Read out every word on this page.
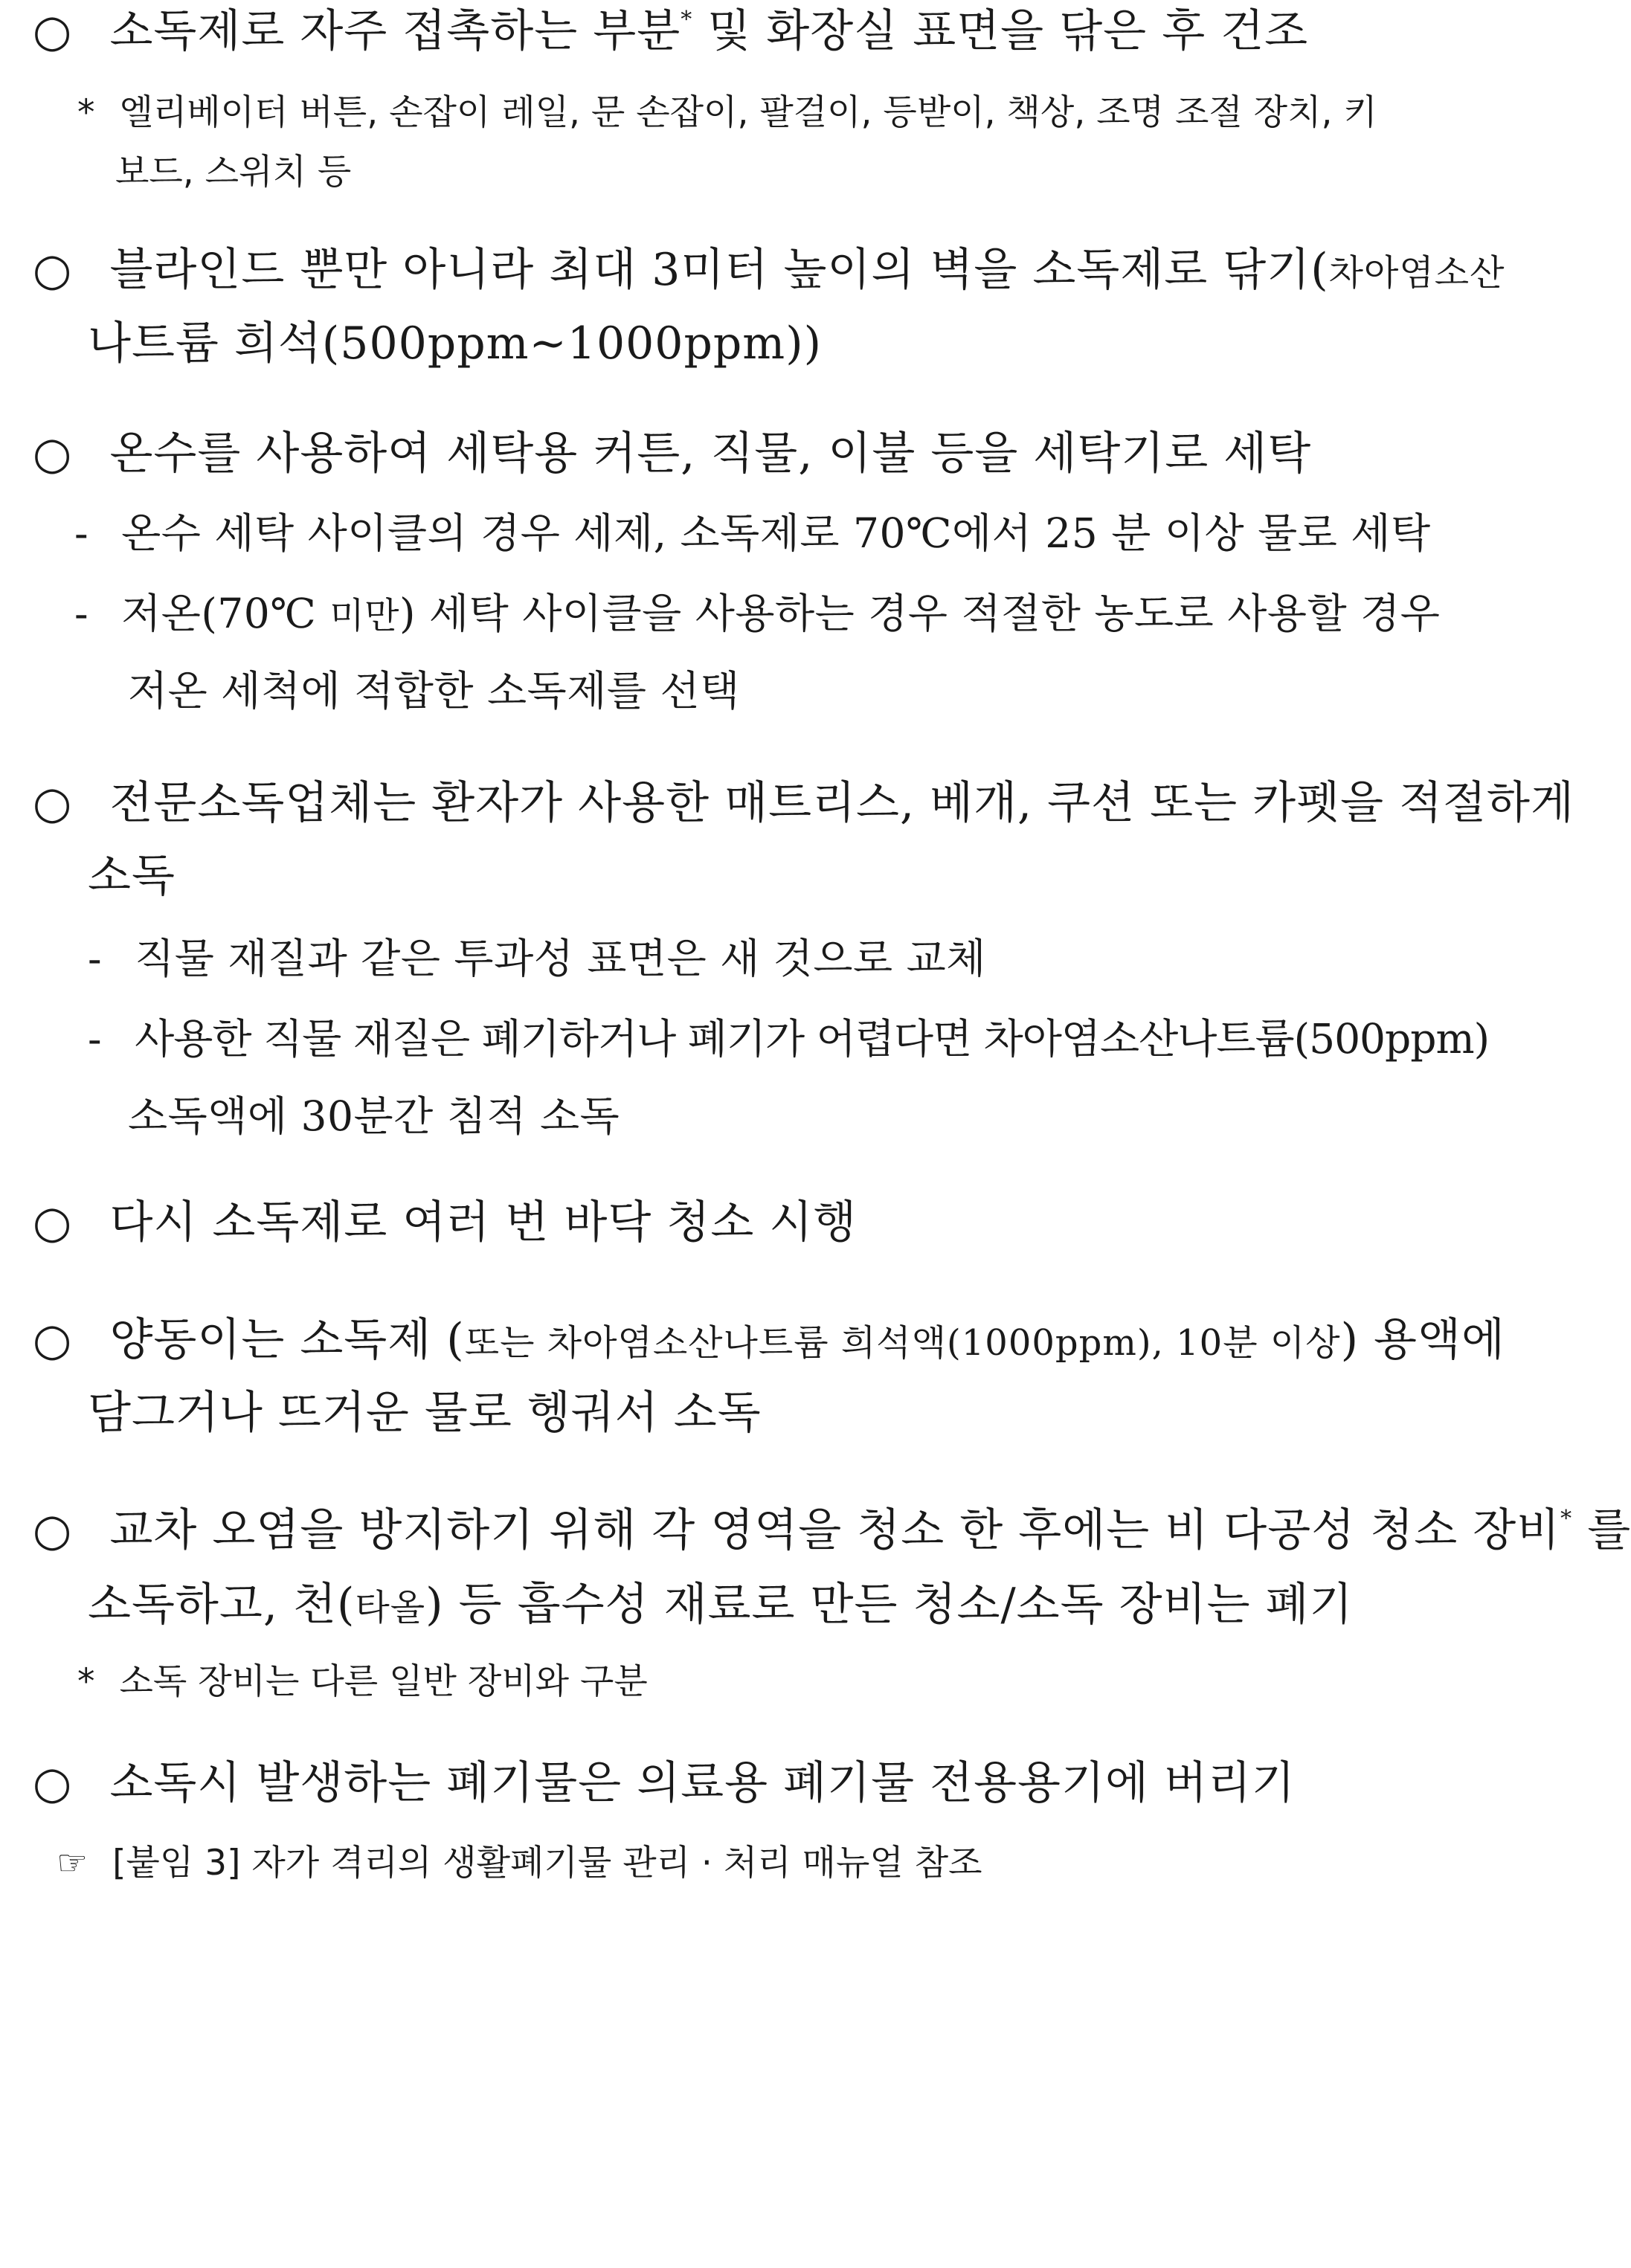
○ 소독제로 자주 접촉하는 부분* 및 화장실 표면을 닦은 후 건조
* 엘리베이터 버튼, 손잡이 레일, 문 손잡이, 팔걸이, 등받이, 책상, 조명 조절 장치, 키
보드, 스위치 등
○ 블라인드 뿐만 아니라 최대 3미터 높이의 벽을 소독제로 닦기(차아염소산
나트륨 희석(500ppm~1000ppm))
○ 온수를 사용하여 세탁용 커튼, 직물, 이불 등을 세탁기로 세탁
- 온수 세탁 사이클의 경우 세제, 소독제로 70℃에서 25 분 이상 물로 세탁
- 저온(70℃ 미만) 세탁 사이클을 사용하는 경우 적절한 농도로 사용할 경우
저온 세척에 적합한 소독제를 선택
○ 전문소독업체는 환자가 사용한 매트리스, 베개, 쿠션 또는 카펫을 적절하게
소독
- 직물 재질과 같은 투과성 표면은 새 것으로 교체
- 사용한 직물 재질은 폐기하거나 폐기가 어렵다면 차아염소산나트륨(500ppm)
소독액에 30분간 침적 소독
○ 다시 소독제로 여러 번 바닥 청소 시행
○ 양동이는 소독제 (또는 차아염소산나트륨 희석액(1000ppm), 10분 이상) 용액에
담그거나 뜨거운 물로 헹궈서 소독
○ 교차 오염을 방지하기 위해 각 영역을 청소 한 후에는 비 다공성 청소 장비* 를
소독하고, 천(타올) 등 흡수성 재료로 만든 청소/소독 장비는 폐기
* 소독 장비는 다른 일반 장비와 구분
○ 소독시 발생하는 폐기물은 의료용 폐기물 전용용기에 버리기
☞ [붙임 3] 자가 격리의 생활폐기물 관리 · 처리 매뉴얼 참조
